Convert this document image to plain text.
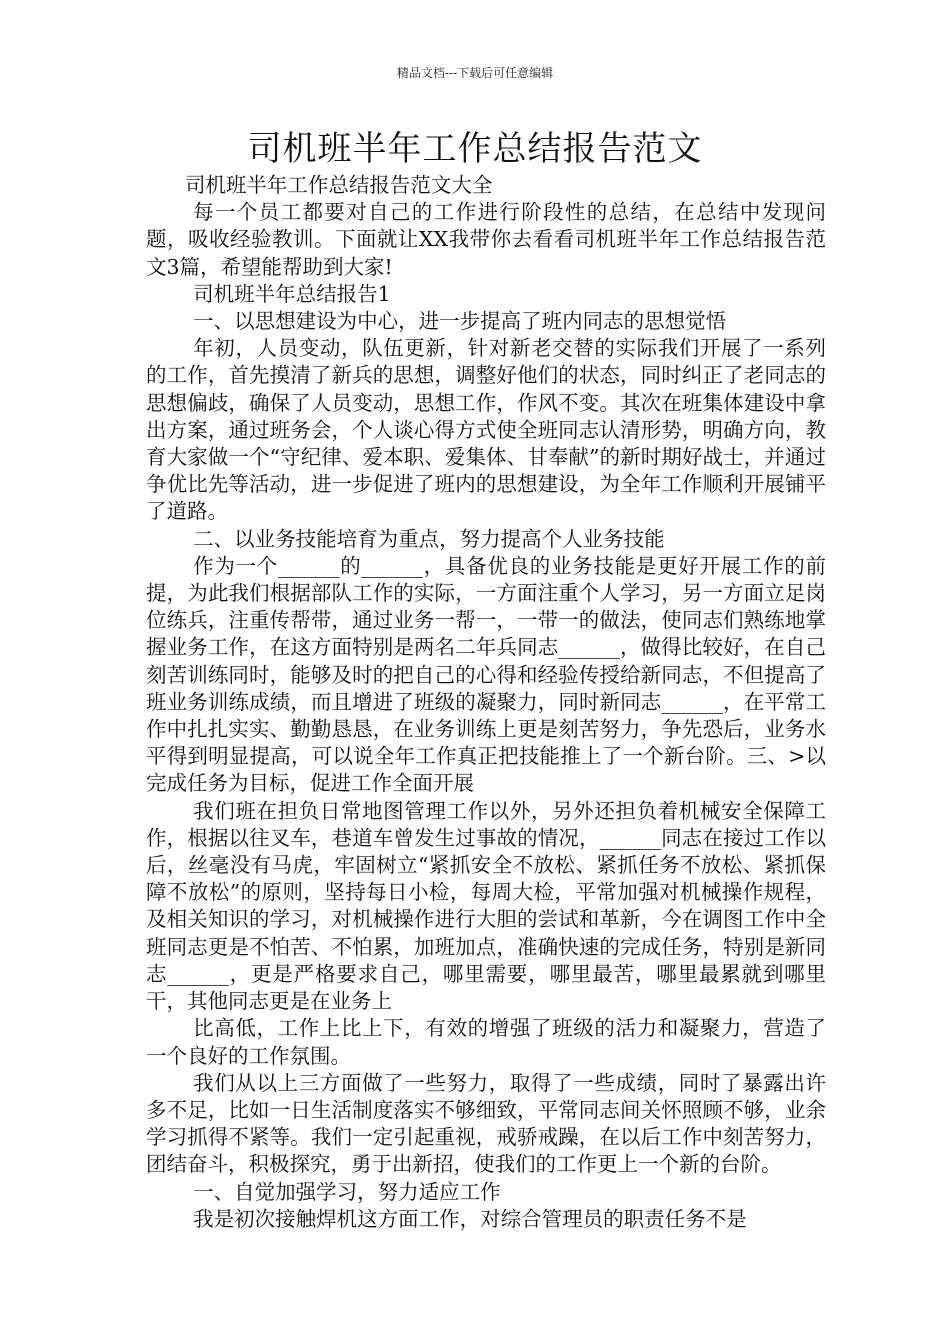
精品文档---下载后可任意编辑
司机班半年工作总结报告范文

司机班半年工作总结报告范文大全

每一个员工都要对自己的工作进行阶段性的总结，在总结中发现问题，吸收经验教训。下面就让XX我带你去看看司机班半年工作总结报告范文3篇，希望能帮助到大家!

司机班半年总结报告1

一、以思想建设为中心，进一步提高了班内同志的思想觉悟

年初，人员变动，队伍更新，针对新老交替的实际我们开展了一系列的工作，首先摸清了新兵的思想，调整好他们的状态，同时纠正了老同志的思想偏歧，确保了人员变动，思想工作，作风不变。其次在班集体建设中拿出方案，通过班务会，个人谈心得方式使全班同志认清形势，明确方向，教育大家做一个“守纪律、爱本职、爱集体、甘奉献”的新时期好战士，并通过争优比先等活动，进一步促进了班内的思想建设，为全年工作顺利开展铺平了道路。

二、以业务技能培育为重点，努力提高个人业务技能

作为一个______的______，具备优良的业务技能是更好开展工作的前提，为此我们根据部队工作的实际，一方面注重个人学习，另一方面立足岗位练兵，注重传帮带，通过业务一帮一，一带一的做法，使同志们熟练地掌握业务工作，在这方面特别是两名二年兵同志______，做得比较好，在自己刻苦训练同时，能够及时的把自己的心得和经验传授给新同志，不但提高了班业务训练成绩，而且增进了班级的凝聚力，同时新同志______，在平常工作中扎扎实实、勤勤恳恳，在业务训练上更是刻苦努力，争先恐后，业务水平得到明显提高，可以说全年工作真正把技能推上了一个新台阶。三、>以完成任务为目标，促进工作全面开展

我们班在担负日常地图管理工作以外，另外还担负着机械安全保障工作，根据以往叉车，巷道车曾发生过事故的情况，______同志在接过工作以后，丝毫没有马虎，牢固树立“紧抓安全不放松、紧抓任务不放松、紧抓保障不放松”的原则，坚持每日小检，每周大检，平常加强对机械操作规程，及相关知识的学习，对机械操作进行大胆的尝试和革新，今在调图工作中全班同志更是不怕苦、不怕累，加班加点，准确快速的完成任务，特别是新同志______，更是严格要求自己，哪里需要，哪里最苦，哪里最累就到哪里干，其他同志更是在业务上

比高低，工作上比上下，有效的增强了班级的活力和凝聚力，营造了一个良好的工作氛围。

我们从以上三方面做了一些努力，取得了一些成绩，同时了暴露出许多不足，比如一日生活制度落实不够细致，平常同志间关怀照顾不够，业余学习抓得不紧等。我们一定引起重视，戒骄戒躁，在以后工作中刻苦努力，团结奋斗，积极探究，勇于出新招，使我们的工作更上一个新的台阶。

一、自觉加强学习，努力适应工作

我是初次接触焊机这方面工作，对综合管理员的职责任务不是
